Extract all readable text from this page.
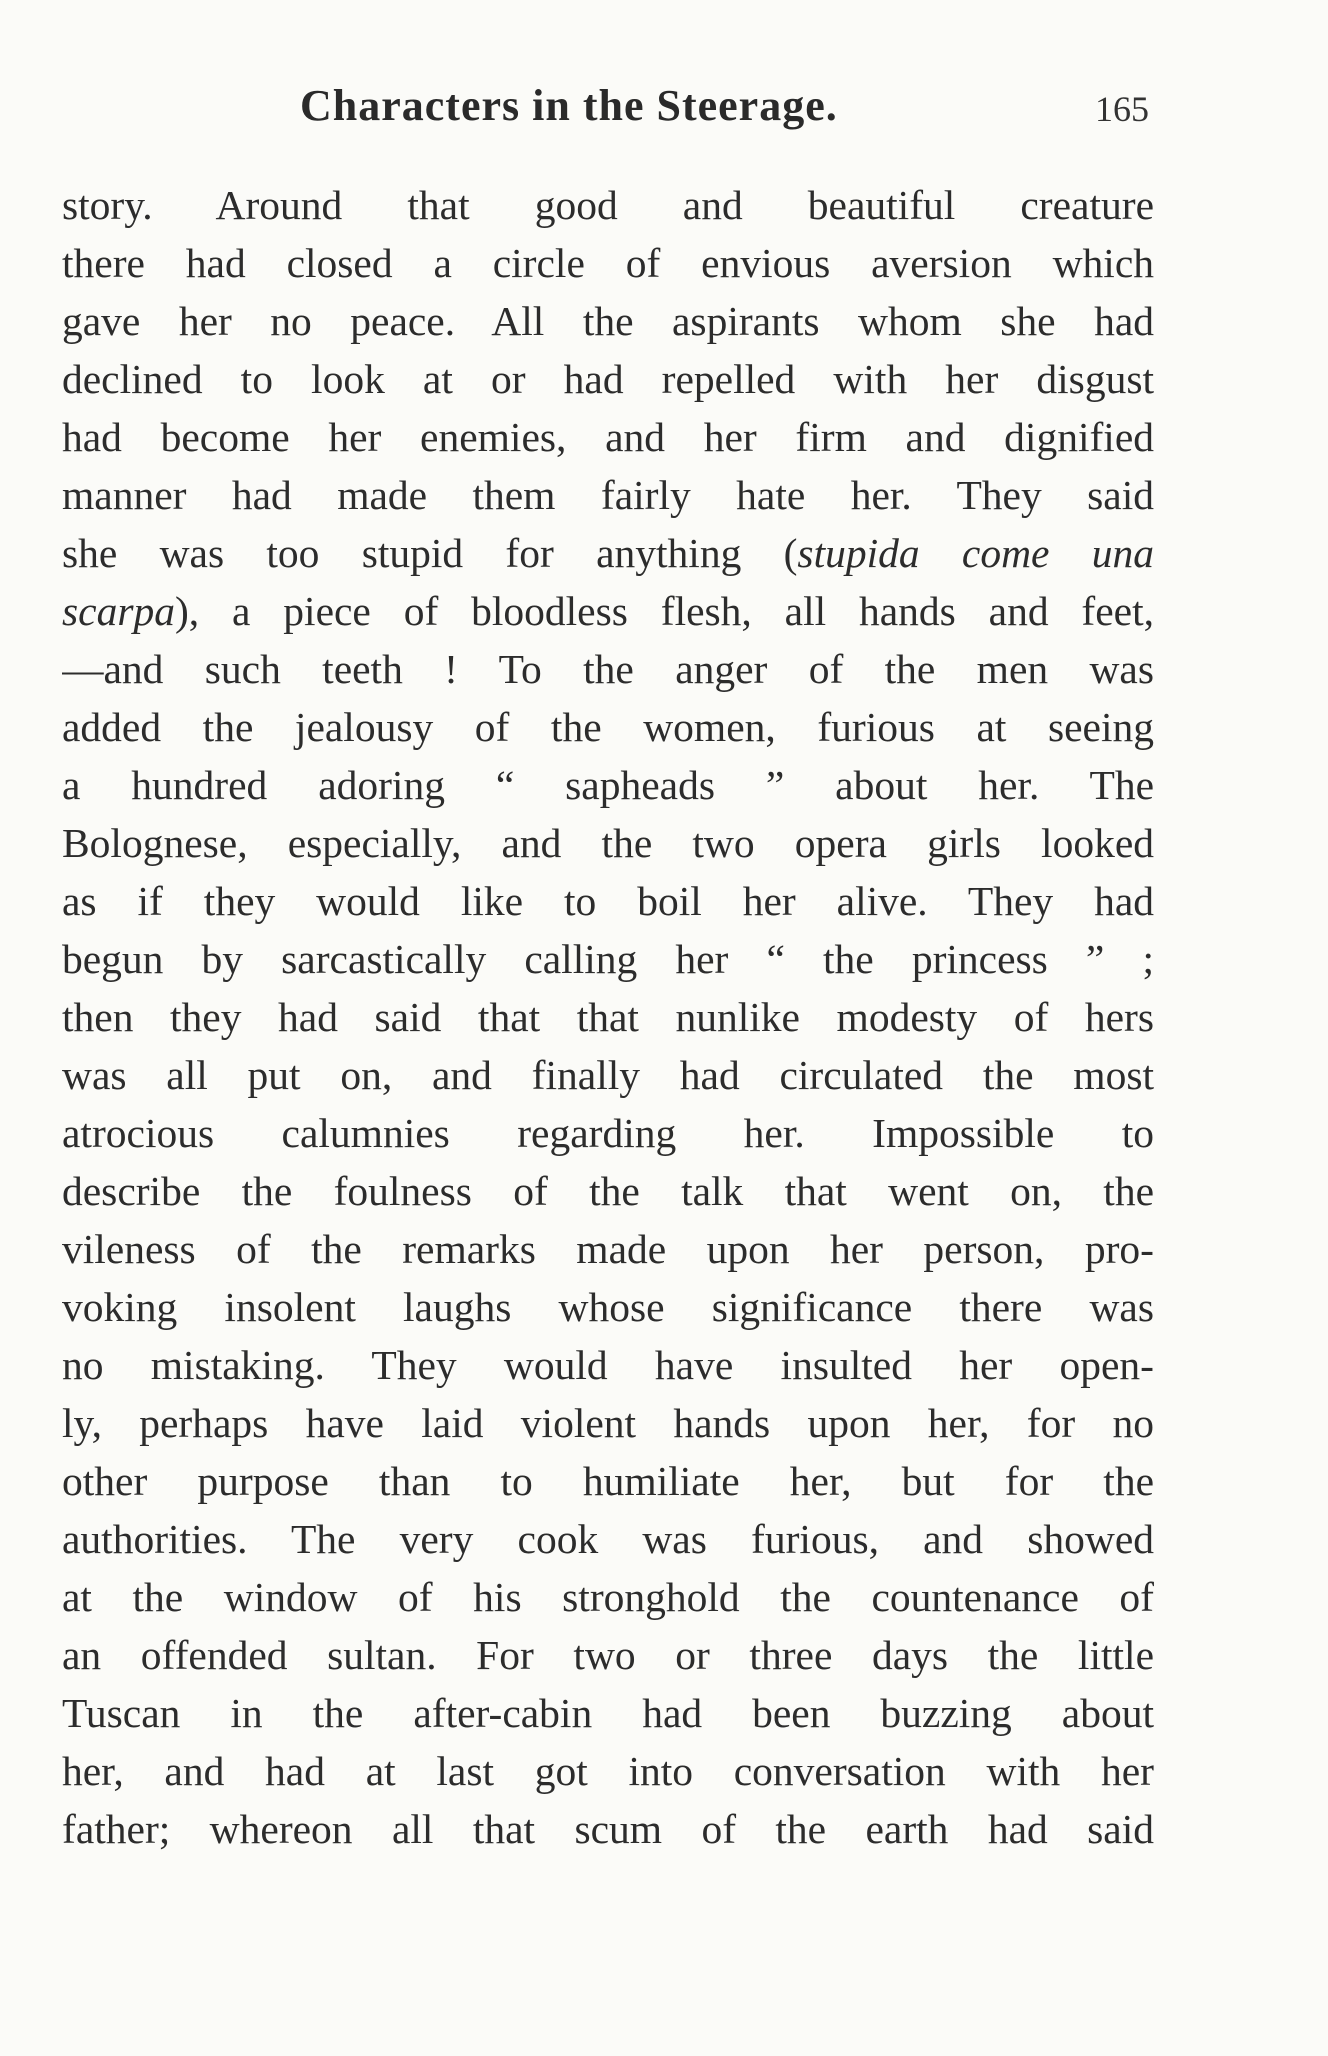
Characters in the Steerage.	165
story. Around that good and beautiful creature
there had closed a circle of envious aversion which
gave her no peace. All the aspirants whom she had
declined to look at or had repelled with her disgust
had become her enemies, and her firm and dignified
manner had made them fairly hate her. They said
she was too stupid for anything (stupida come una
scarpa), a piece of bloodless flesh, all hands and feet,
—and such teeth ! To the anger of the men was
added the jealousy of the women, furious at seeing
a hundred adoring “ sapheads ” about her. The
Bolognese, especially, and the two opera girls looked
as if they would like to boil her alive. They had
begun by sarcastically calling her “ the princess ” ;
then they had said that that nunlike modesty of hers
was all put on, and finally had circulated the most
atrocious calumnies regarding her. Impossible to
describe the foulness of the talk that went on, the
vileness of the remarks made upon her person, pro-
voking insolent laughs whose significance there was
no mistaking. They would have insulted her open-
ly, perhaps have laid violent hands upon her, for no
other purpose than to humiliate her, but for the
authorities. The very cook was furious, and showed
at the window of his stronghold the countenance of
an offended sultan. For two or three days the little
Tuscan in the after-cabin had been buzzing about
her, and had at last got into conversation with her
father; whereon all that scum of the earth had said
